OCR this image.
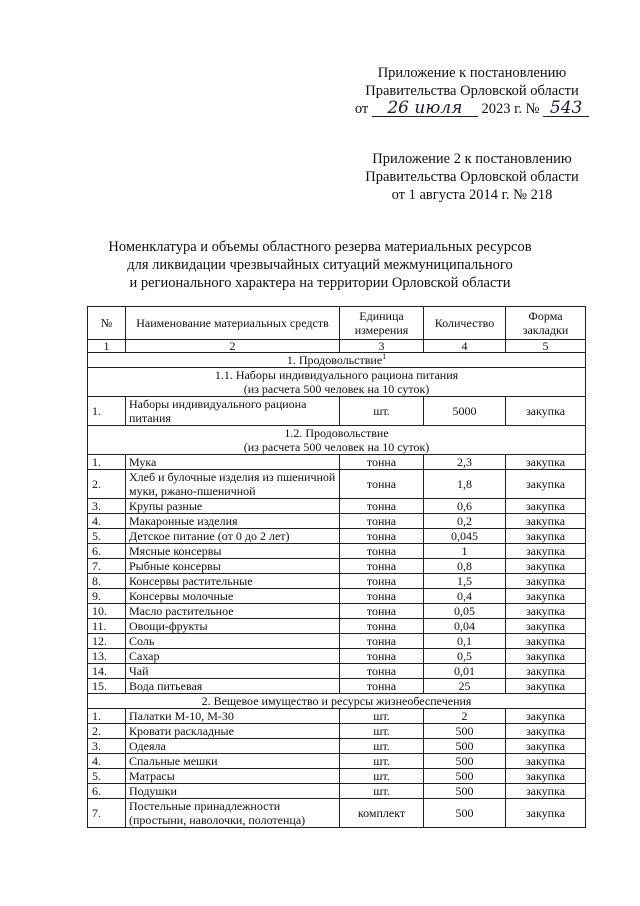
Приложение к постановлению
Правительства Орловской области
от 26 июля 2023 г. № 543
Приложение 2 к постановлению
Правительства Орловской области
от 1 августа 2014 г. № 218
Номенклатура и объемы областного резерва материальных ресурсов
для ликвидации чрезвычайных ситуаций межмуниципального
и регионального характера на территории Орловской области
№	Наименование материальных средств	Единица измерения	Количество	Форма закладки
1	2	3	4	5
1. Продовольствие$^1$

1.1. Наборы индивидуального рациона питания
(из расчета 500 человек на 10 суток)				

1.	Наборы индивидуального рациона питания	шт.	5000	закупка

1.2. Продовольствие
(из расчета 500 человек на 10 суток)				

1.	Мука	тонна	2,3	закупка
2.	Хлеб и булочные изделия из пшеничной муки, ржано-пшеничной	тонна	1,8	закупка
3.	Крупы разные	тонна	0,6	закупка
4.	Макаронные изделия	тонна	0,2	закупка
5.	Детское питание (от 0 до 2 лет)	тонна	0,045	закупка
6.	Мясные консервы	тонна	1	закупка
7.	Рыбные консервы	тонна	0,8	закупка
8.	Консервы растительные	тонна	1,5	закупка
9.	Консервы молочные	тонна	0,4	закупка
10.	Масло растительное	тонна	0,05	закупка
11.	Овощи-фрукты	тонна	0,04	закупка
12.	Соль	тонна	0,1	закупка
13.	Сахар	тонна	0,5	закупка
14.	Чай	тонна	0,01	закупка
15.	Вода питьевая	тонна	25	закупка
2. Вещевое имущество и ресурсы жизнеобеспечения				
1.	Палатки М-10, М-30	шт.	2	закупка
2.	Кровати раскладные	шт.	500	закупка
3.	Одеяла	шт.	500	закупка
4.	Спальные мешки	шт.	500	закупка
5.	Матрасы	шт.	500	закупка
6.	Подушки	шт.	500	закупка
7.	Постельные принадлежности (простыни, наволочки, полотенца)	комплект	500	закупка
